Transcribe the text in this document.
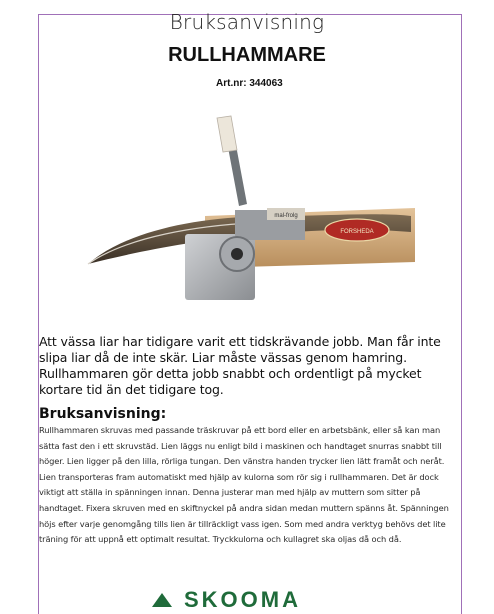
Bruksanvisning
RULLHAMMARE
Art.nr: 344063
mal-frolg
FORSHEDA
Att vässa liar har tidigare varit ett tidskrävande jobb. Man får inte slipa liar då de inte skär. Liar måste vässas genom hamring. Rullhammaren gör detta jobb snabbt och ordentligt på mycket kortare tid än det tidigare tog.
Bruksanvisning:
Rullhammaren skruvas med passande träskruvar på ett bord eller en arbetsbänk, eller så kan man sätta fast den i ett skruvstäd. Lien läggs nu enligt bild i maskinen och handtaget snurras snabbt till höger. Lien ligger på den lilla, rörliga tungan. Den vänstra handen trycker lien lätt framåt och neråt. Lien transporteras fram automatiskt med hjälp av kulorna som rör sig i rullhammaren. Det är dock viktigt att ställa in spänningen innan. Denna justerar man med hjälp av muttern som sitter på handtaget. Fixera skruven med en skiftnyckel på andra sidan medan muttern spänns åt. Spänningen höjs efter varje genomgång tills lien är tillräckligt vass igen. Som med andra verktyg behövs det lite träning för att uppnå ett optimalt resultat. Tryckkulorna och kullagret ska oljas då och då.
SKOOMA
